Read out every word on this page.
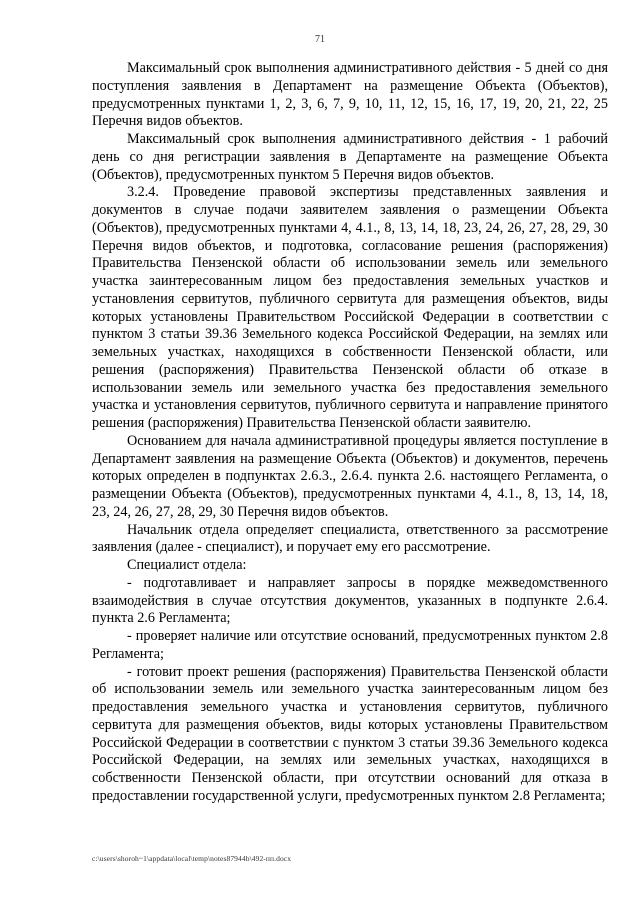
71

Максимальный срок выполнения административного действия - 5 дней со дня поступления заявления в Департамент на размещение Объекта (Объектов), предусмотренных пунктами 1, 2, 3, 6, 7, 9, 10, 11, 12, 15, 16, 17, 19, 20, 21, 22, 25 Перечня видов объектов.

Максимальный срок выполнения административного действия - 1 рабочий день со дня регистрации заявления в Департаменте на размещение Объекта (Объектов), предусмотренных пунктом 5 Перечня видов объектов.

3.2.4. Проведение правовой экспертизы представленных заявления и документов в случае подачи заявителем заявления о размещении Объекта (Объектов), предусмотренных пунктами 4, 4.1., 8, 13, 14, 18, 23, 24, 26, 27, 28, 29, 30 Перечня видов объектов, и подготовка, согласование решения (распоряжения) Правительства Пензенской области об использовании земель или земельного участка заинтересованным лицом без предоставления земельных участков и установления сервитутов, публичного сервитута для размещения объектов, виды которых установлены Правительством Российской Федерации в соответствии с пунктом 3 статьи 39.36 Земельного кодекса Российской Федерации, на землях или земельных участках, находящихся в собственности Пензенской области, или решения (распоряжения) Правительства Пензенской области об отказе в использовании земель или земельного участка без предоставления земельного участка и установления сервитутов, публичного сервитута и направление принятого решения (распоряжения) Правительства Пензенской области заявителю.

Основанием для начала административной процедуры является поступление в Департамент заявления на размещение Объекта (Объектов) и документов, перечень которых определен в подпунктах 2.6.3., 2.6.4. пункта 2.6. настоящего Регламента, о размещении Объекта (Объектов), предусмотренных пунктами 4, 4.1., 8, 13, 14, 18, 23, 24, 26, 27, 28, 29, 30 Перечня видов объектов.

Начальник отдела определяет специалиста, ответственного за рассмотрение заявления (далее - специалист), и поручает ему его рассмотрение.

Специалист отдела:

- подготавливает и направляет запросы в порядке межведомственного взаимодействия в случае отсутствия документов, указанных в подпункте 2.6.4. пункта 2.6 Регламента;

- проверяет наличие или отсутствие оснований, предусмотренных пунктом 2.8 Регламента;

- готовит проект решения (распоряжения) Правительства Пензенской области об использовании земель или земельного участка заинтересованным лицом без предоставления земельного участка и установления сервитутов, публичного сервитута для размещения объектов, виды которых установлены Правительством Российской Федерации в соответствии с пунктом 3 статьи 39.36 Земельного кодекса Российской Федерации, на землях или земельных участках, находящихся в собственности Пензенской области, при отсутствии оснований для отказа в предоставлении государственной услуги, преdусмотренных пунктом 2.8 Регламента;

c:\users\shoroh~1\appdata\local\temp\notes87944b\492-пп.docx
